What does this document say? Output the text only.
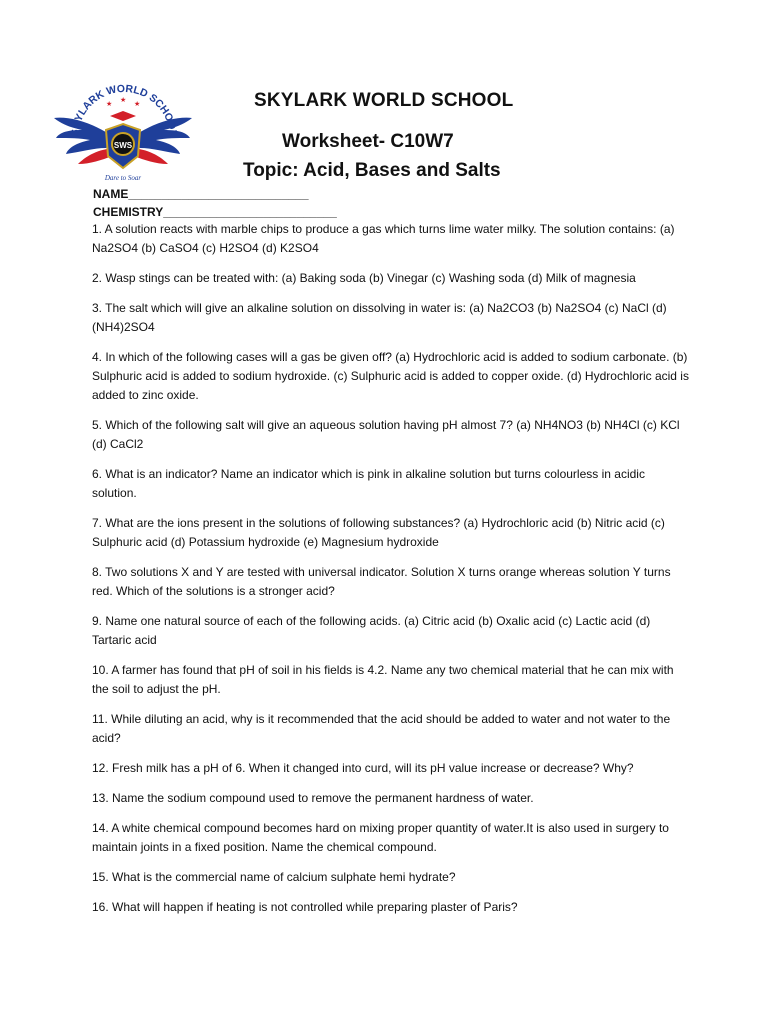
SWS
★
★
★
SKYLARK WORLD SCHOOL
Dare to Soar
SKYLARK WORLD SCHOOL
Worksheet- C10W7
Topic: Acid, Bases and Salts
NAME___________________________
CHEMISTRY__________________________
1. A solution reacts with marble chips to produce a gas which turns lime water milky. The solution contains: (a) Na2SO4 (b) CaSO4 (c) H2SO4 (d) K2SO4
2. Wasp stings can be treated with: (a) Baking soda (b) Vinegar (c) Washing soda (d) Milk of magnesia
3. The salt which will give an alkaline solution on dissolving in water is: (a) Na2CO3 (b) Na2SO4 (c) NaCl (d) (NH4)2SO4
4. In which of the following cases will a gas be given off? (a) Hydrochloric acid is added to sodium carbonate. (b) Sulphuric acid is added to sodium hydroxide. (c) Sulphuric acid is added to copper oxide. (d) Hydrochloric acid is added to zinc oxide.
5. Which of the following salt will give an aqueous solution having pH almost 7? (a) NH4NO3 (b) NH4Cl (c) KCl (d) CaCl2
6. What is an indicator? Name an indicator which is pink in alkaline solution but turns colourless in acidic solution.
7. What are the ions present in the solutions of following substances? (a) Hydrochloric acid (b) Nitric acid (c) Sulphuric acid (d) Potassium hydroxide (e) Magnesium hydroxide
8. Two solutions X and Y are tested with universal indicator. Solution X turns orange whereas solution Y turns red. Which of the solutions is a stronger acid?
9. Name one natural source of each of the following acids. (a) Citric acid (b) Oxalic acid (c) Lactic acid (d) Tartaric acid
10. A farmer has found that pH of soil in his fields is 4.2. Name any two chemical material that he can mix with the soil to adjust the pH.
11. While diluting an acid, why is it recommended that the acid should be added to water and not water to the acid?
12. Fresh milk has a pH of 6. When it changed into curd, will its pH value increase or decrease? Why?
13. Name the sodium compound used to remove the permanent hardness of water.
14. A white chemical compound becomes hard on mixing proper quantity of water.It is also used in surgery to maintain joints in a fixed position. Name the chemical compound.
15. What is the commercial name of calcium sulphate hemi hydrate?
16. What will happen if heating is not controlled while preparing plaster of Paris?
